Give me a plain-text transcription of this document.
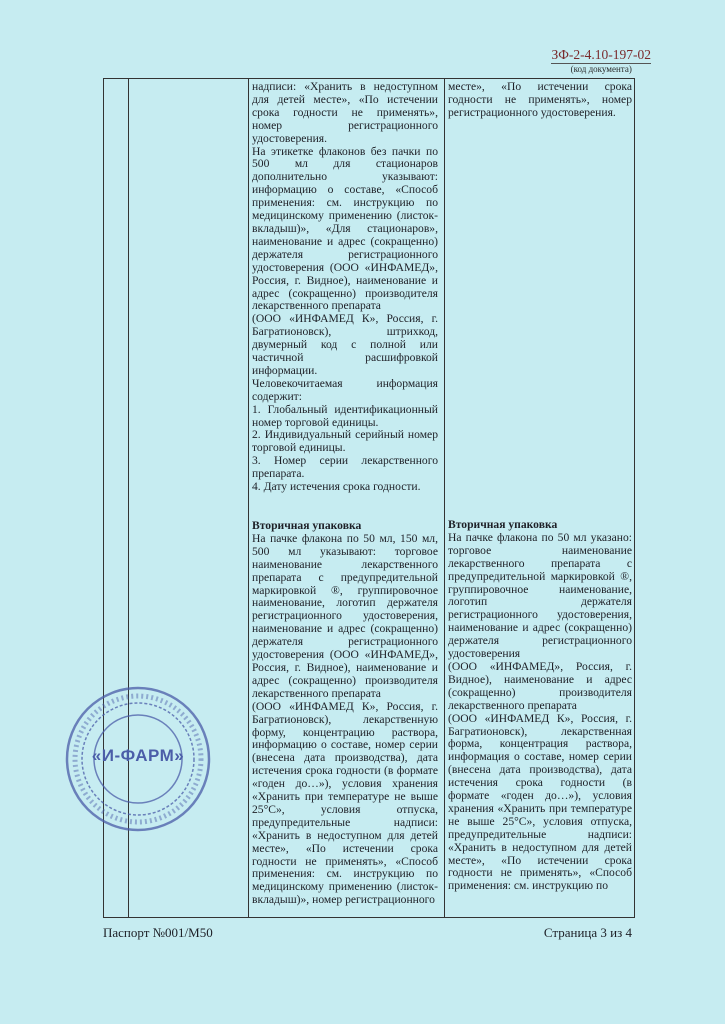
ЗФ-2-4.10-197-02
(код документа)

надписи: «Хранить в недоступном для детей месте», «По истечении срока годности не применять», номер регистрационного удостоверения.

На этикетке флаконов без пачки по 500 мл для стационаров дополнительно указывают: информацию о составе, «Способ применения: см. инструкцию по медицинскому применению (листок-вкладыш)», «Для стационаров», наименование и адрес (сокращенно) держателя регистрационного удостоверения (ООО «ИНФАМЕД», Россия, г. Видное), наименование и адрес (сокращенно) производителя лекарственного препарата

(ООО «ИНФАМЕД К», Россия, г. Багратионовск), штрихкод, двумерный код с полной или частичной расшифровкой информации.

Человекочитаемая информация содержит:

1. Глобальный идентификационный номер торговой единицы.

2. Индивидуальный серийный номер торговой единицы.

3. Номер серии лекарственного препарата.

4. Дату истечения срока годности.

Вторичная упаковка

На пачке флакона по 50 мл, 150 мл, 500 мл указывают: торговое наименование лекарственного препарата с предупредительной маркировкой ®, группировочное наименование, логотип держателя регистрационного удостоверения, наименование и адрес (сокращенно) держателя регистрационного удостоверения (ООО «ИНФАМЕД», Россия, г. Видное), наименование и адрес (сокращенно) производителя лекарственного препарата

(ООО «ИНФАМЕД К», Россия, г. Багратионовск), лекарственную форму, концентрацию раствора, информацию о составе, номер серии (внесена дата производства), дата истечения срока годности (в формате «годен до…»), условия хранения «Хранить при температуре не выше 25°С», условия отпуска, предупредительные надписи: «Хранить в недоступном для детей месте», «По истечении срока годности не применять», «Способ применения: см. инструкцию по медицинскому применению (листок-вкладыш)», номер регистрационного

месте», «По истечении срока годности не применять», номер регистрационного удостоверения.

Вторичная упаковка

На пачке флакона по 50 мл указано: торговое наименование лекарственного препарата с предупредительной маркировкой ®, группировочное наименование, логотип держателя регистрационного удостоверения, наименование и адрес (сокращенно) держателя регистрационного удостоверения

(ООО «ИНФАМЕД», Россия, г. Видное), наименование и адрес (сокращенно) производителя лекарственного препарата

(ООО «ИНФАМЕД К», Россия, г. Багратионовск), лекарственная форма, концентрация раствора, информация о составе, номер серии (внесена дата производства), дата истечения срока годности (в формате «годен до…»), условия хранения «Хранить при температуре не выше 25°С», условия отпуска, предупредительные надписи: «Хранить в недоступном для детей месте», «По истечении срока годности не применять», «Способ применения: см. инструкцию по

«И-ФАРМ»
Паспорт №001/М50	Страница 3 из 4
